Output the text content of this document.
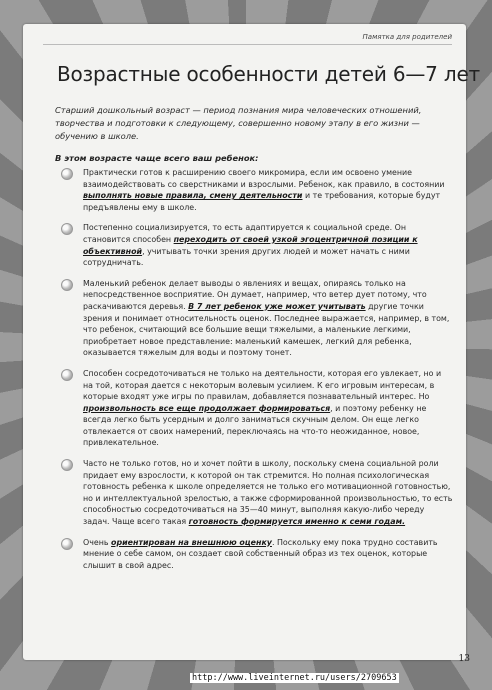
Памятка для родителей
Возрастные особенности детей 6—7 лет
Старший дошкольный возраст — период познания мира человеческих отношений, творчества и подготовки к следующему, совершенно новому этапу в его жизни — обучению в школе.
В этом возрасте чаще всего ваш ребенок:
Практически готов к расширению своего микромира, если им освоено умение взаимодействовать со сверстниками и взрослыми. Ребенок, как правило, в состоянии выполнять новые правила, смену деятельности и те требования, которые будут предъявлены ему в школе.
Постепенно социализируется, то есть адаптируется к социальной среде. Он становится способен переходить от своей узкой эгоцентричной позиции к объективной, учитывать точки зрения других людей и может начать с ними сотрудничать.
Маленький ребенок делает выводы о явлениях и вещах, опираясь только на непосредственное восприятие. Он думает, например, что ветер дует потому, что раскачиваются деревья. В 7 лет ребенок уже может учитывать другие точки зрения и понимает относительность оценок. Последнее выражается, например, в том, что ребенок, считающий все большие вещи тяжелыми, а маленькие легкими, приобретает новое представление: маленький камешек, легкий для ребенка, оказывается тяжелым для воды и поэтому тонет.
Способен сосредоточиваться не только на деятельности, которая его увлекает, но и на той, которая дается с некоторым волевым усилием. К его игровым интересам, в которые входят уже игры по правилам, добавляется познавательный интерес. Но произвольность все еще продолжает формироваться, и поэтому ребенку не всегда легко быть усердным и долго заниматься скучным делом. Он еще легко отвлекается от своих намерений, переключаясь на что-то неожиданное, новое, привлекательное.
Часто не только готов, но и хочет пойти в школу, поскольку смена социальной роли придает ему взрослости, к которой он так стремится. Но полная психологическая готовность ребенка к школе определяется не только его мотивационной готовностью, но и интеллектуальной зрелостью, а также сформированной произвольностью, то есть способностью сосредоточиваться на 35—40 минут, выполняя какую-либо череду задач. Чаще всего такая готовность формируется именно к семи годам.
Очень ориентирован на внешнюю оценку. Поскольку ему пока трудно составить мнение о себе самом, он создает свой собственный образ из тех оценок, которые слышит в свой адрес.
13
http://www.liveinternet.ru/users/2709653
